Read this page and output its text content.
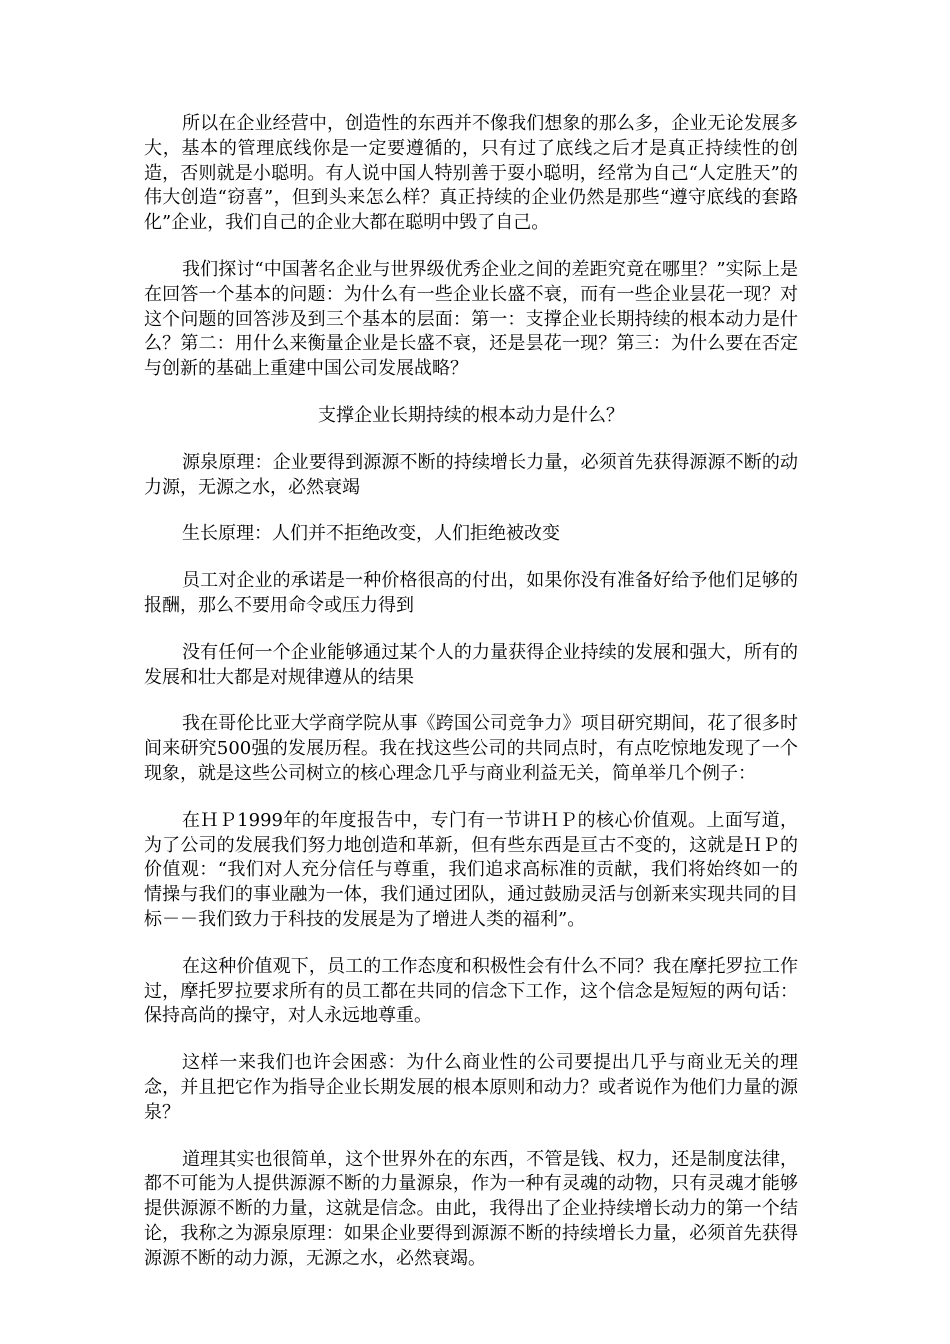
所以在企业经营中，创造性的东西并不像我们想象的那么多，企业无论发展多大，基本的管理底线你是一定要遵循的，只有过了底线之后才是真正持续性的创造，否则就是小聪明。有人说中国人特别善于耍小聪明，经常为自己“人定胜天”的伟大创造“窃喜”，但到头来怎么样？真正持续的企业仍然是那些“遵守底线的套路化”企业，我们自己的企业大都在聪明中毁了自己。

我们探讨“中国著名企业与世界级优秀企业之间的差距究竟在哪里？”实际上是在回答一个基本的问题：为什么有一些企业长盛不衰，而有一些企业昙花一现？对这个问题的回答涉及到三个基本的层面：第一：支撑企业长期持续的根本动力是什么？第二：用什么来衡量企业是长盛不衰，还是昙花一现？第三：为什么要在否定与创新的基础上重建中国公司发展战略？

支撑企业长期持续的根本动力是什么？

源泉原理：企业要得到源源不断的持续增长力量，必须首先获得源源不断的动力源，无源之水，必然衰竭

生长原理：人们并不拒绝改变，人们拒绝被改变

员工对企业的承诺是一种价格很高的付出，如果你没有准备好给予他们足够的报酬，那么不要用命令或压力得到

没有任何一个企业能够通过某个人的力量获得企业持续的发展和强大，所有的发展和壮大都是对规律遵从的结果

我在哥伦比亚大学商学院从事《跨国公司竞争力》项目研究期间，花了很多时间来研究500强的发展历程。我在找这些公司的共同点时，有点吃惊地发现了一个现象，就是这些公司树立的核心理念几乎与商业利益无关，简单举几个例子：

在ＨＰ1999年的年度报告中，专门有一节讲ＨＰ的核心价值观。上面写道，为了公司的发展我们努力地创造和革新，但有些东西是亘古不变的，这就是ＨＰ的价值观：“我们对人充分信任与尊重，我们追求高标准的贡献，我们将始终如一的情操与我们的事业融为一体，我们通过团队，通过鼓励灵活与创新来实现共同的目标－－我们致力于科技的发展是为了增进人类的福利”。

在这种价值观下，员工的工作态度和积极性会有什么不同？我在摩托罗拉工作过，摩托罗拉要求所有的员工都在共同的信念下工作，这个信念是短短的两句话：保持高尚的操守，对人永远地尊重。

这样一来我们也许会困惑：为什么商业性的公司要提出几乎与商业无关的理念，并且把它作为指导企业长期发展的根本原则和动力？或者说作为他们力量的源泉？

道理其实也很简单，这个世界外在的东西，不管是钱、权力，还是制度法律，都不可能为人提供源源不断的力量源泉，作为一种有灵魂的动物，只有灵魂才能够提供源源不断的力量，这就是信念。由此，我得出了企业持续增长动力的第一个结论，我称之为源泉原理：如果企业要得到源源不断的持续增长力量，必须首先获得源源不断的动力源，无源之水，必然衰竭。
